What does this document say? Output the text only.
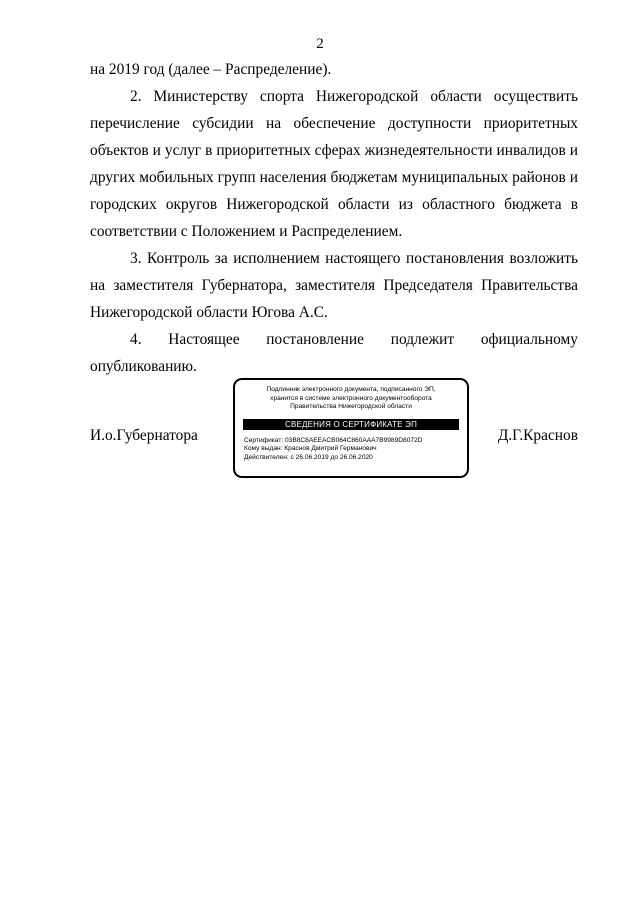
2

на 2019 год (далее – Распределение).

2. Министерству спорта Нижегородской области осуществить перечисление субсидии на обеспечение доступности приоритетных объектов и услуг в приоритетных сферах жизнедеятельности инвалидов и других мобильных групп населения бюджетам муниципальных районов и городских округов Нижегородской области из областного бюджета в соответствии с Положением и Распределением.

3. Контроль за исполнением настоящего постановления возложить на заместителя Губернатора, заместителя Председателя Правительства Нижегородской области Югова А.С.

4. Настоящее постановление подлежит официальному
опубликованию.
И.о.Губернатора
Подлинник электронного документа, подписанного ЭП,
хранится в системе электронного документооборота
Правительства Нижегородской области
СВЕДЕНИЯ О СЕРТИФИКАТЕ ЭП
Сертификат: 03B8C8AEEACB064C860AAA7B9989D8072D
Кому выдан: Краснов Дмитрий Германович
Действителен: с 26.06.2019 до 26.06.2020
Д.Г.Краснов
